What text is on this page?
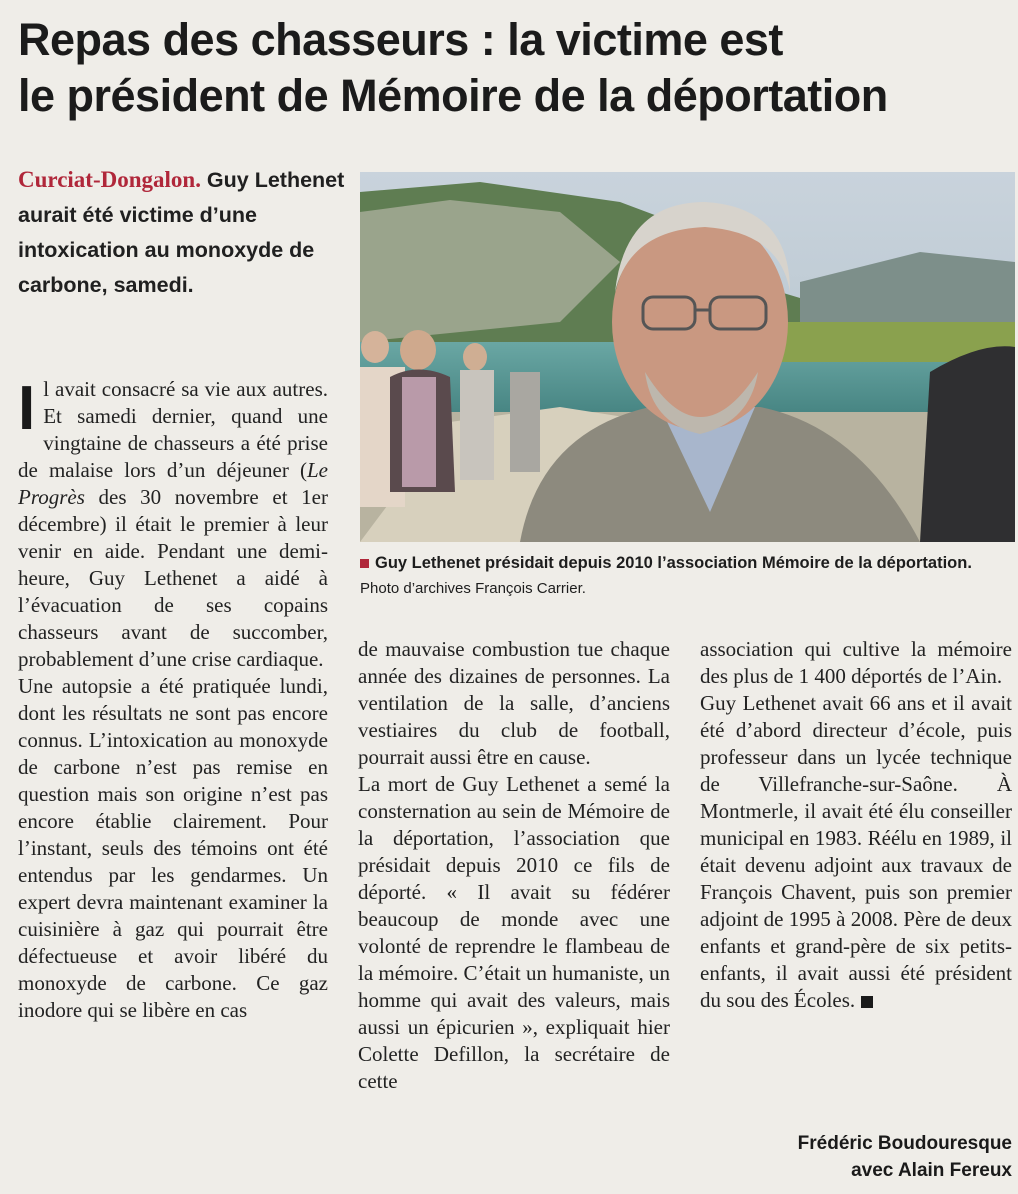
Repas des chasseurs : la victime est
le président de Mémoire de la déportation
Curciat-Dongalon. Guy Lethenet aurait été victime d’une intoxication au monoxyde de carbone, samedi.
Guy Lethenet présidait depuis 2010 l’association Mémoire de la déportation. Photo d’archives François Carrier.

Il avait consacré sa vie aux autres. Et samedi dernier, quand une vingtaine de chasseurs a été prise de malaise lors d’un déjeuner (Le Progrès des 30 novembre et 1er décembre) il était le premier à leur venir en aide. Pendant une demi-heure, Guy Lethenet a aidé à l’évacuation de ses copains chasseurs avant de succomber, probablement d’une crise cardiaque.

Une autopsie a été pratiquée lundi, dont les résultats ne sont pas encore connus. L’intoxication au monoxyde de carbone n’est pas remise en question mais son origine n’est pas encore établie clairement. Pour l’instant, seuls des témoins ont été entendus par les gendarmes. Un expert devra maintenant examiner la cuisinière à gaz qui pourrait être défectueuse et avoir libéré du monoxyde de carbone. Ce gaz inodore qui se libère en cas

de mauvaise combustion tue chaque année des dizaines de personnes. La ventilation de la salle, d’anciens vestiaires du club de football, pourrait aussi être en cause.

La mort de Guy Lethenet a semé la consternation au sein de Mémoire de la déportation, l’association que présidait depuis 2010 ce fils de déporté. « Il avait su fédérer beaucoup de monde avec une volonté de reprendre le flambeau de la mémoire. C’était un humaniste, un homme qui avait des valeurs, mais aussi un épicurien », expliquait hier Colette Defillon, la secrétaire de cette

association qui cultive la mémoire des plus de 1 400 déportés de l’Ain.

Guy Lethenet avait 66 ans et il avait été d’abord directeur d’école, puis professeur dans un lycée technique de Villefranche-sur-Saône. À Montmerle, il avait été élu conseiller municipal en 1983. Réélu en 1989, il était devenu adjoint aux travaux de François Chavent, puis son premier adjoint de 1995 à 2008. Père de deux enfants et grand-père de six petits-enfants, il avait aussi été président du sou des Écoles.

Frédéric Boudouresque
avec Alain Fereux
